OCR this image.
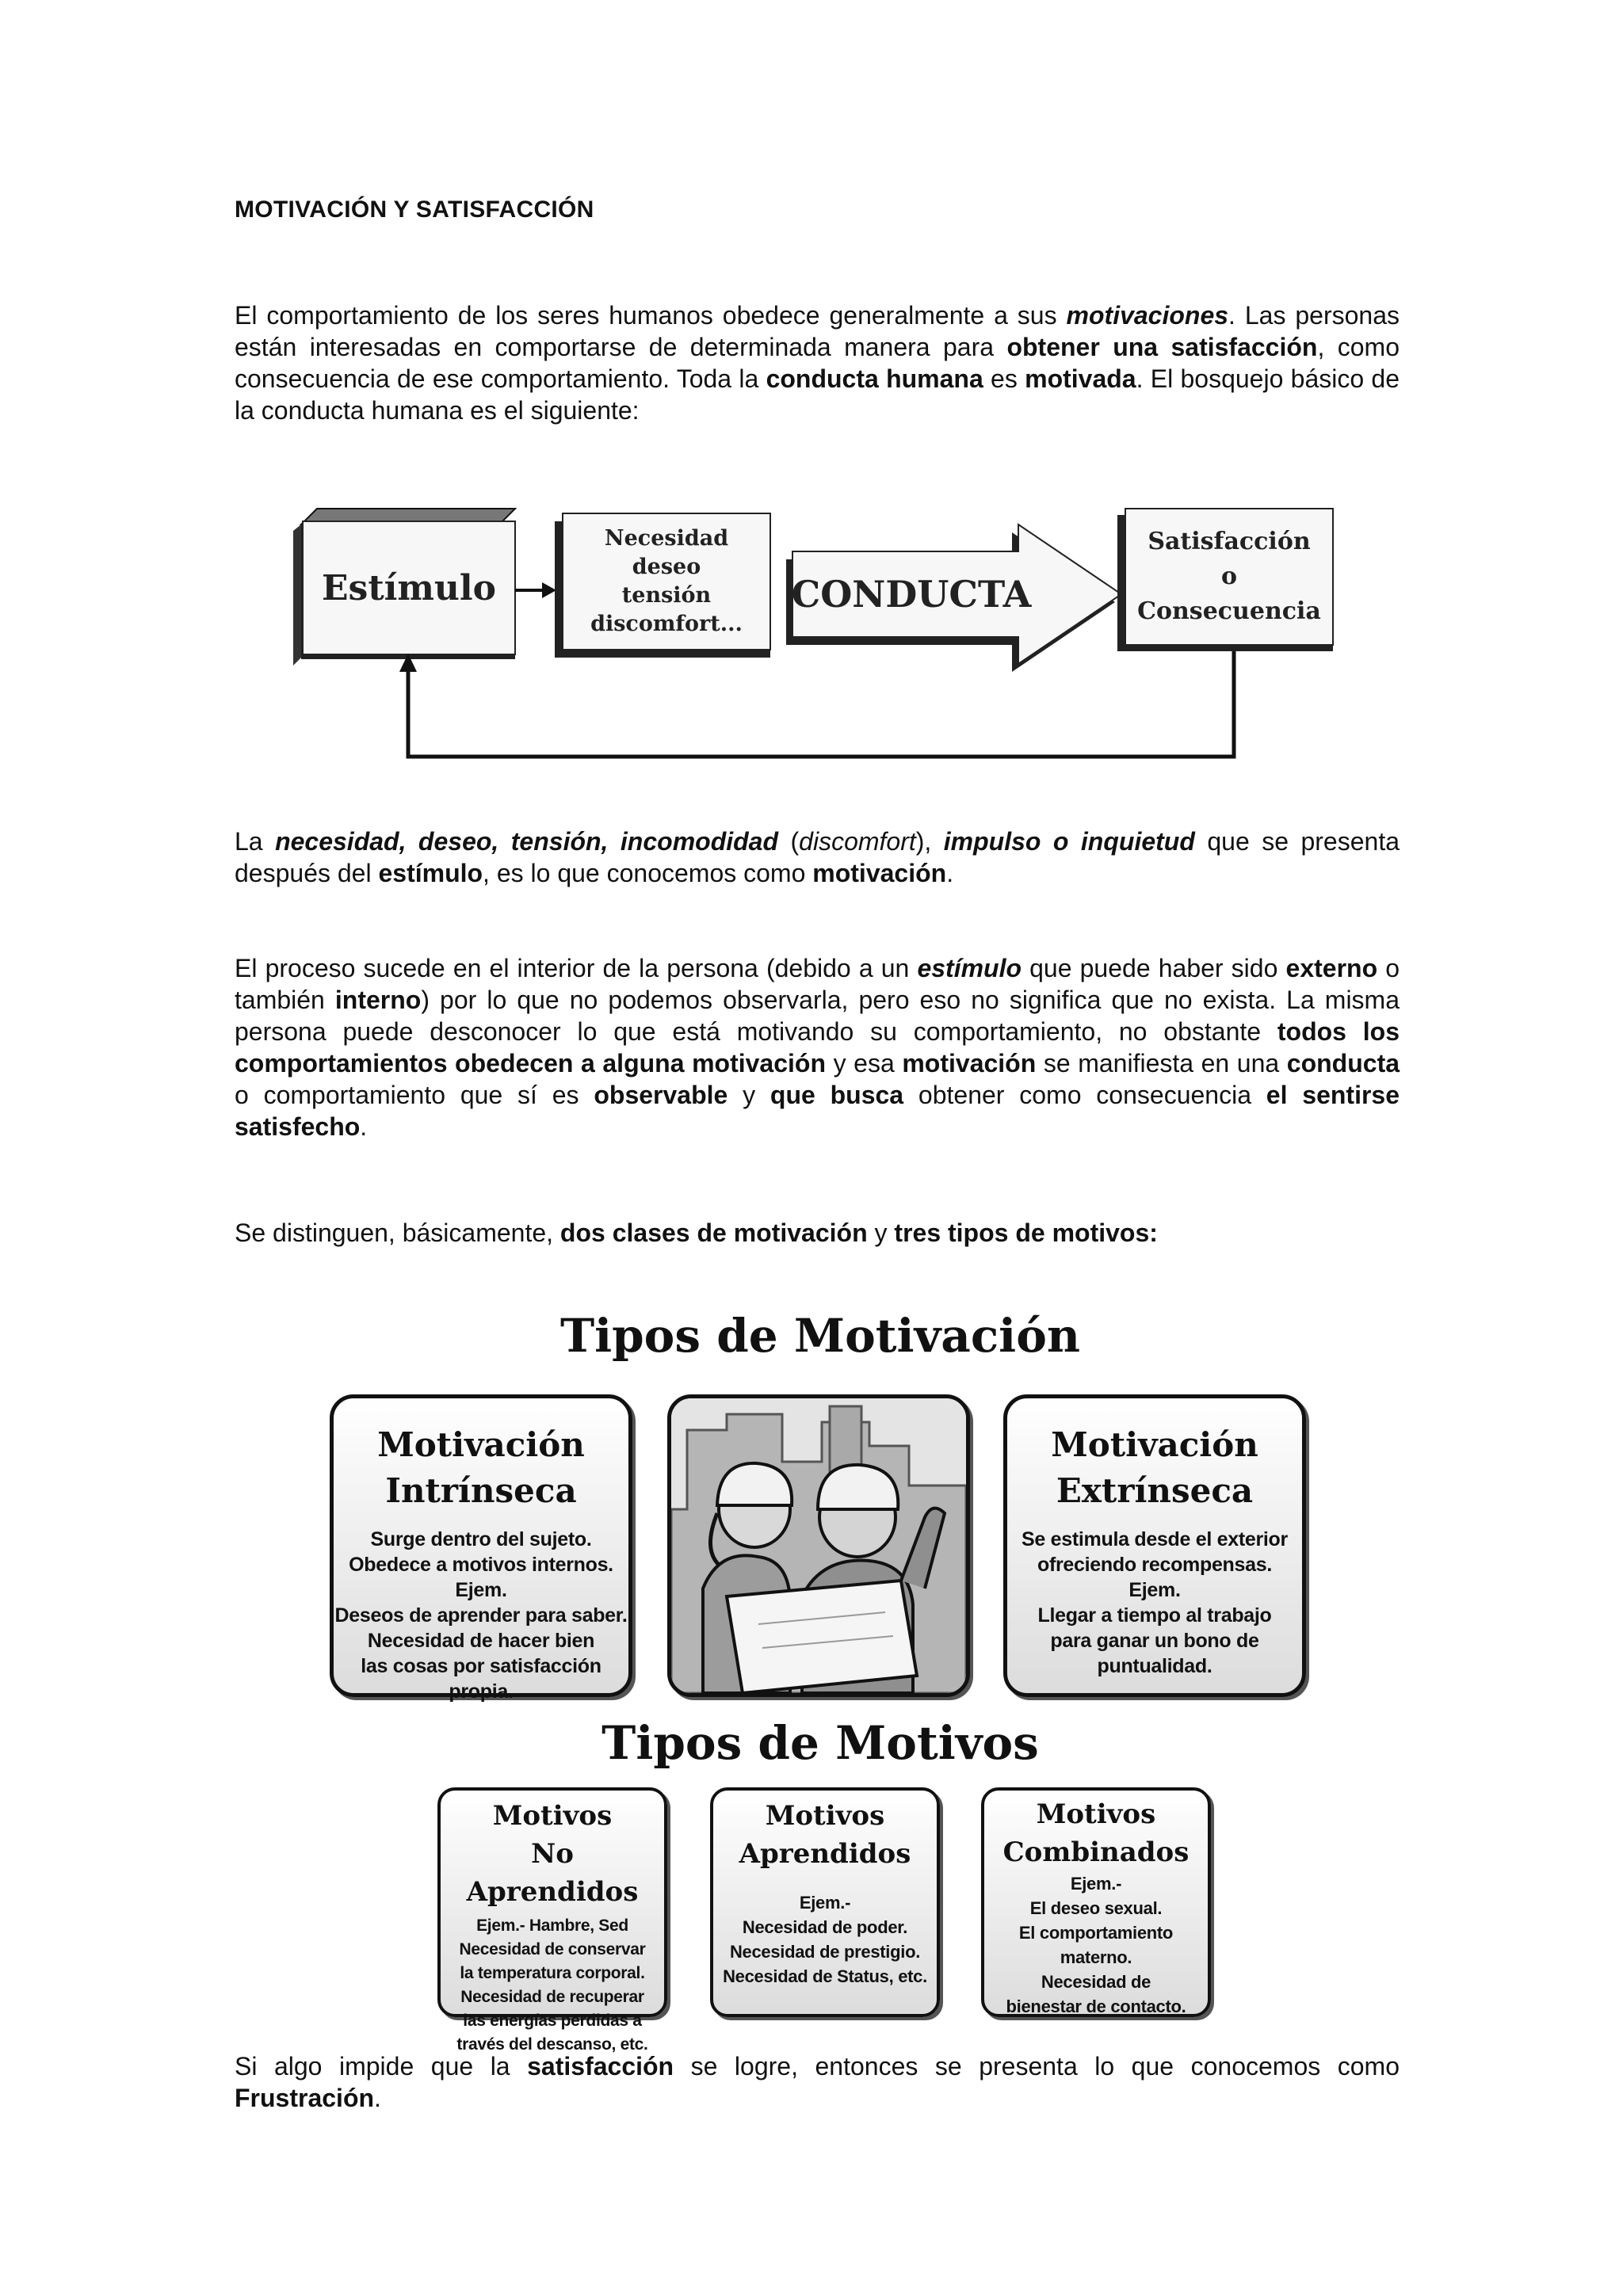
MOTIVACIÓN Y SATISFACCIÓN
El comportamiento de los seres humanos obedece generalmente a sus motivaciones. Las personas están interesadas en comportarse de determinada manera para obtener una satisfacción, como consecuencia de ese comportamiento. Toda la conducta humana es motivada. El bosquejo básico de la conducta humana es el siguiente:
Estímulo
Necesidad
deseo
tensión
discomfort...
CONDUCTA
Satisfacción
o
Consecuencia
La necesidad, deseo, tensión, incomodidad (discomfort), impulso o inquietud que se presenta después del estímulo, es lo que conocemos como motivación.
El proceso sucede en el interior de la persona (debido a un estímulo que puede haber sido externo o también interno) por lo que no podemos observarla, pero eso no significa que no exista. La misma persona puede desconocer lo que está motivando su comportamiento, no obstante todos los comportamientos obedecen a alguna motivación y esa motivación se manifiesta en una conducta o comportamiento que sí es observable y que busca obtener como consecuencia el sentirse satisfecho.
Se distinguen, básicamente, dos clases de motivación y tres tipos de motivos:
Tipos de Motivación
Motivación
Intrínseca
Surge dentro del sujeto.
Obedece a motivos internos.
Ejem.
Deseos de aprender para saber.
Necesidad de hacer bien
las cosas por satisfacción propia.
Motivación
Extrínseca
Se estimula desde el exterior
ofreciendo recompensas.
Ejem.
Llegar a tiempo al trabajo
para ganar un bono de
puntualidad.
Tipos de Motivos
Motivos
No Aprendidos
Ejem.- Hambre, Sed
Necesidad de conservar
la temperatura corporal.
Necesidad de recuperar
las energías perdidas a
través del descanso, etc.
Motivos
Aprendidos
Ejem.-
Necesidad de poder.
Necesidad de prestigio.
Necesidad de Status, etc.
Motivos
Combinados
Ejem.-
El deseo sexual.
El comportamiento
materno.
Necesidad de
bienestar de contacto.
Si algo impide que la satisfacción se logre, entonces se presenta lo que conocemos como Frustración.
